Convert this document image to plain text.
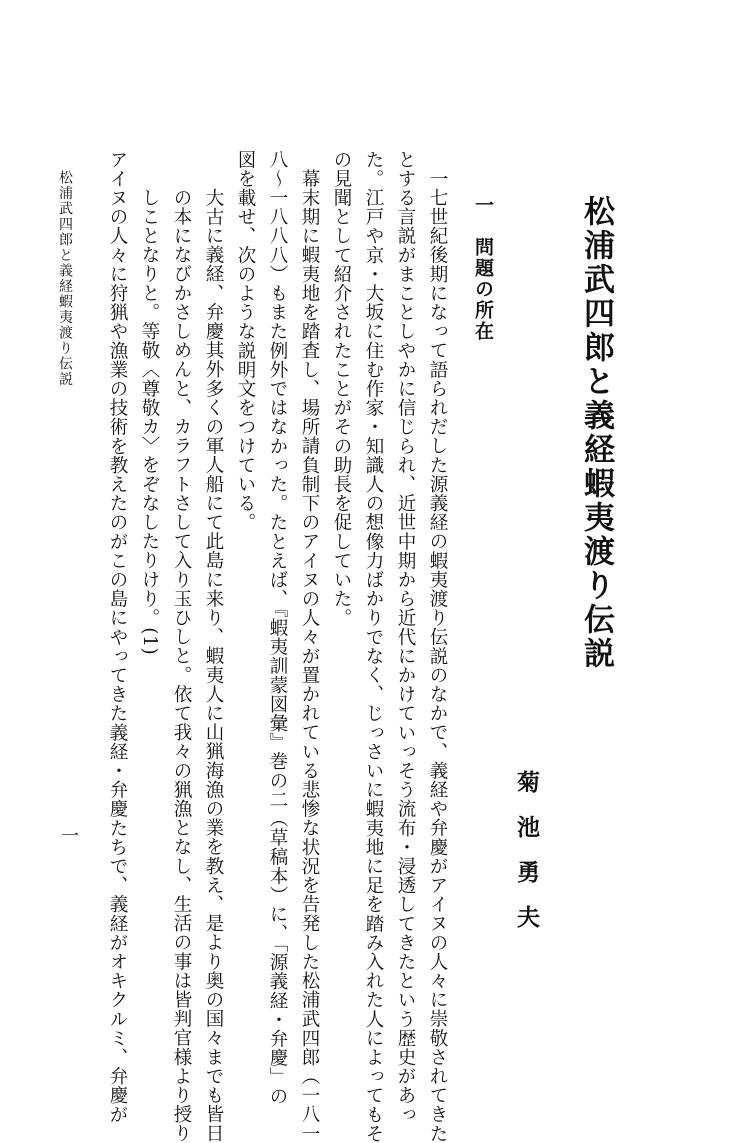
松浦武四郎と義経蝦夷渡り伝説
菊池勇夫
一　問題の所在
一七世紀後期になって語られだした源義経の蝦夷渡り伝説のなかで、義経や弁慶がアイヌの人々に崇敬されてきた
とする言説がまことしやかに信じられ、近世中期から近代にかけていっそう流布・浸透してきたという歴史があっ
た。江戸や京・大坂に住む作家・知識人の想像力ばかりでなく、じっさいに蝦夷地に足を踏み入れた人によってもそ
の見聞として紹介されたことがその助長を促していた。
幕末期に蝦夷地を踏査し、場所請負制下のアイヌの人々が置かれている悲惨な状況を告発した松浦武四郎（一八一
八～一八八八）もまた例外ではなかった。たとえば、『蝦夷訓蒙図彙』巻の二（草稿本）に、「源義経・弁慶」の
図を載せ、次のような説明文をつけている。
大古に義経、弁慶其外多くの軍人船にて此島に来り、蝦夷人に山猟海漁の業を教え、是より奥の国々までも皆日
の本になびかさしめんと、カラフトさして入り玉ひしと。依て我々の猟漁となし、生活の事は皆判官様より授り
しことなりと。等敬〈尊敬カ〉をぞなしたりけり。(1)
アイヌの人々に狩猟や漁業の技術を教えたのがこの島にやってきた義経・弁慶たちで、義経がオキクルミ、弁慶が
松浦武四郎と義経蝦夷渡り伝説
一
